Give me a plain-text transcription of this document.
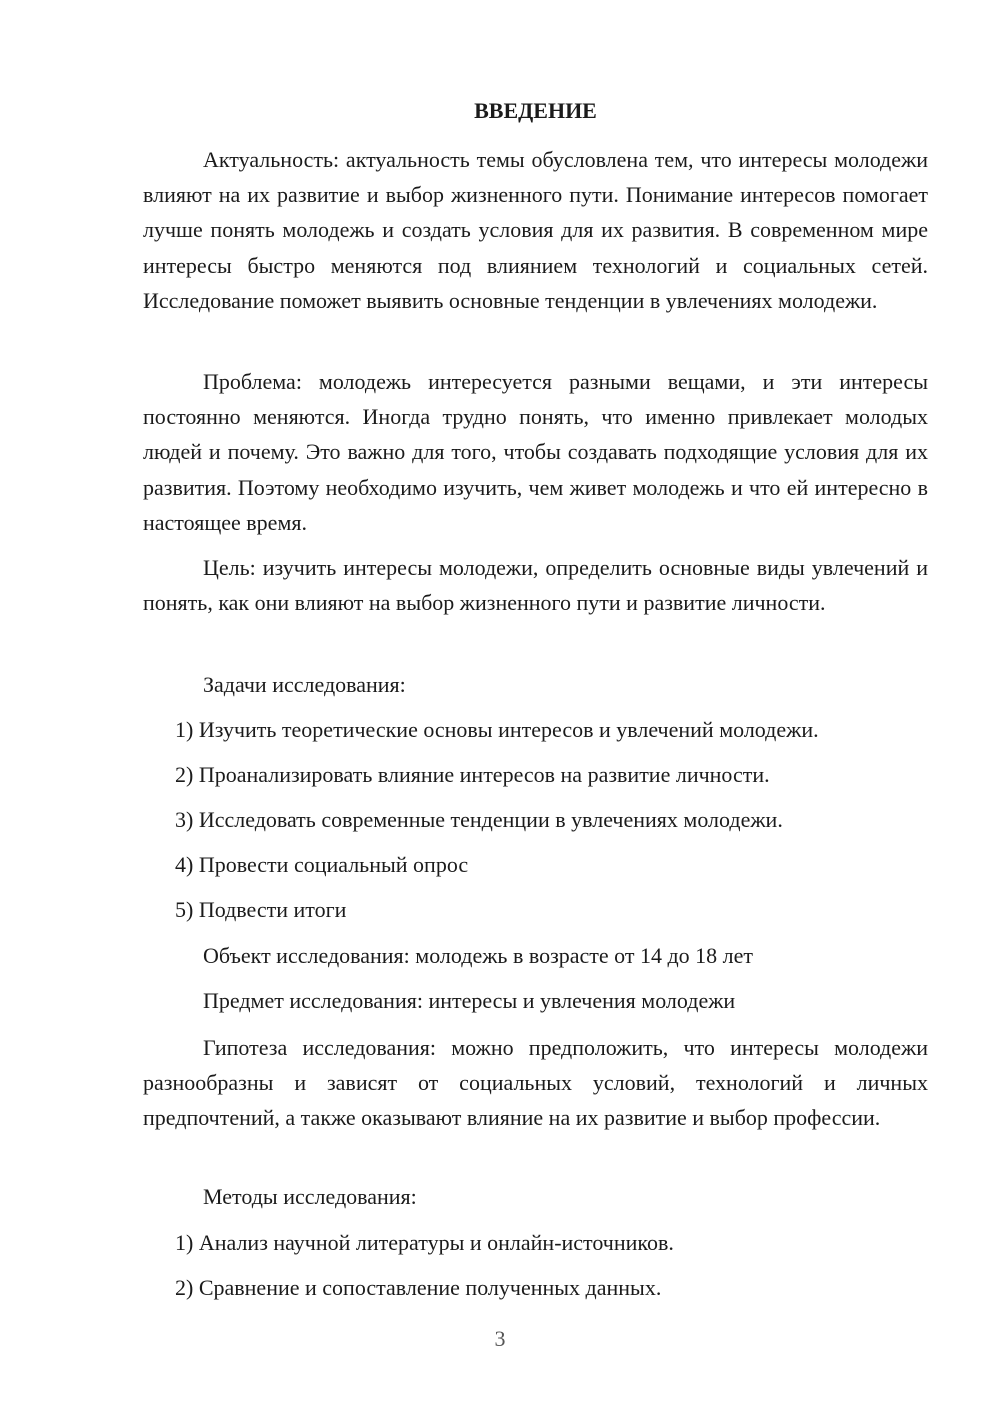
ВВЕДЕНИЕ

Актуальность: актуальность темы обусловлена тем, что интересы молодежи влияют на их развитие и выбор жизненного пути. Понимание интересов помогает лучше понять молодежь и создать условия для их развития. В современном мире интересы быстро меняются под влиянием технологий и социальных сетей. Исследование поможет выявить основные тенденции в увлечениях молодежи.

Проблема: молодежь интересуется разными вещами, и эти интересы постоянно меняются. Иногда трудно понять, что именно привлекает молодых людей и почему. Это важно для того, чтобы создавать подходящие условия для их развития. Поэтому необходимо изучить, чем живет молодежь и что ей интересно в настоящее время.

Цель: изучить интересы молодежи, определить основные виды увлечений и понять, как они влияют на выбор жизненного пути и развитие личности.

Задачи исследования:

1) Изучить теоретические основы интересов и увлечений молодежи.

2) Проанализировать влияние интересов на развитие личности.

3) Исследовать современные тенденции в увлечениях молодежи.

4) Провести социальный опрос

5) Подвести итоги

Объект исследования: молодежь в возрасте от 14 до 18 лет

Предмет исследования: интересы и увлечения молодежи

Гипотеза исследования: можно предположить, что интересы молодежи разнообразны и зависят от социальных условий, технологий и личных предпочтений, а также оказывают влияние на их развитие и выбор профессии.

Методы исследования:

1) Анализ научной литературы и онлайн-источников.

2) Сравнение и сопоставление полученных данных.

3
